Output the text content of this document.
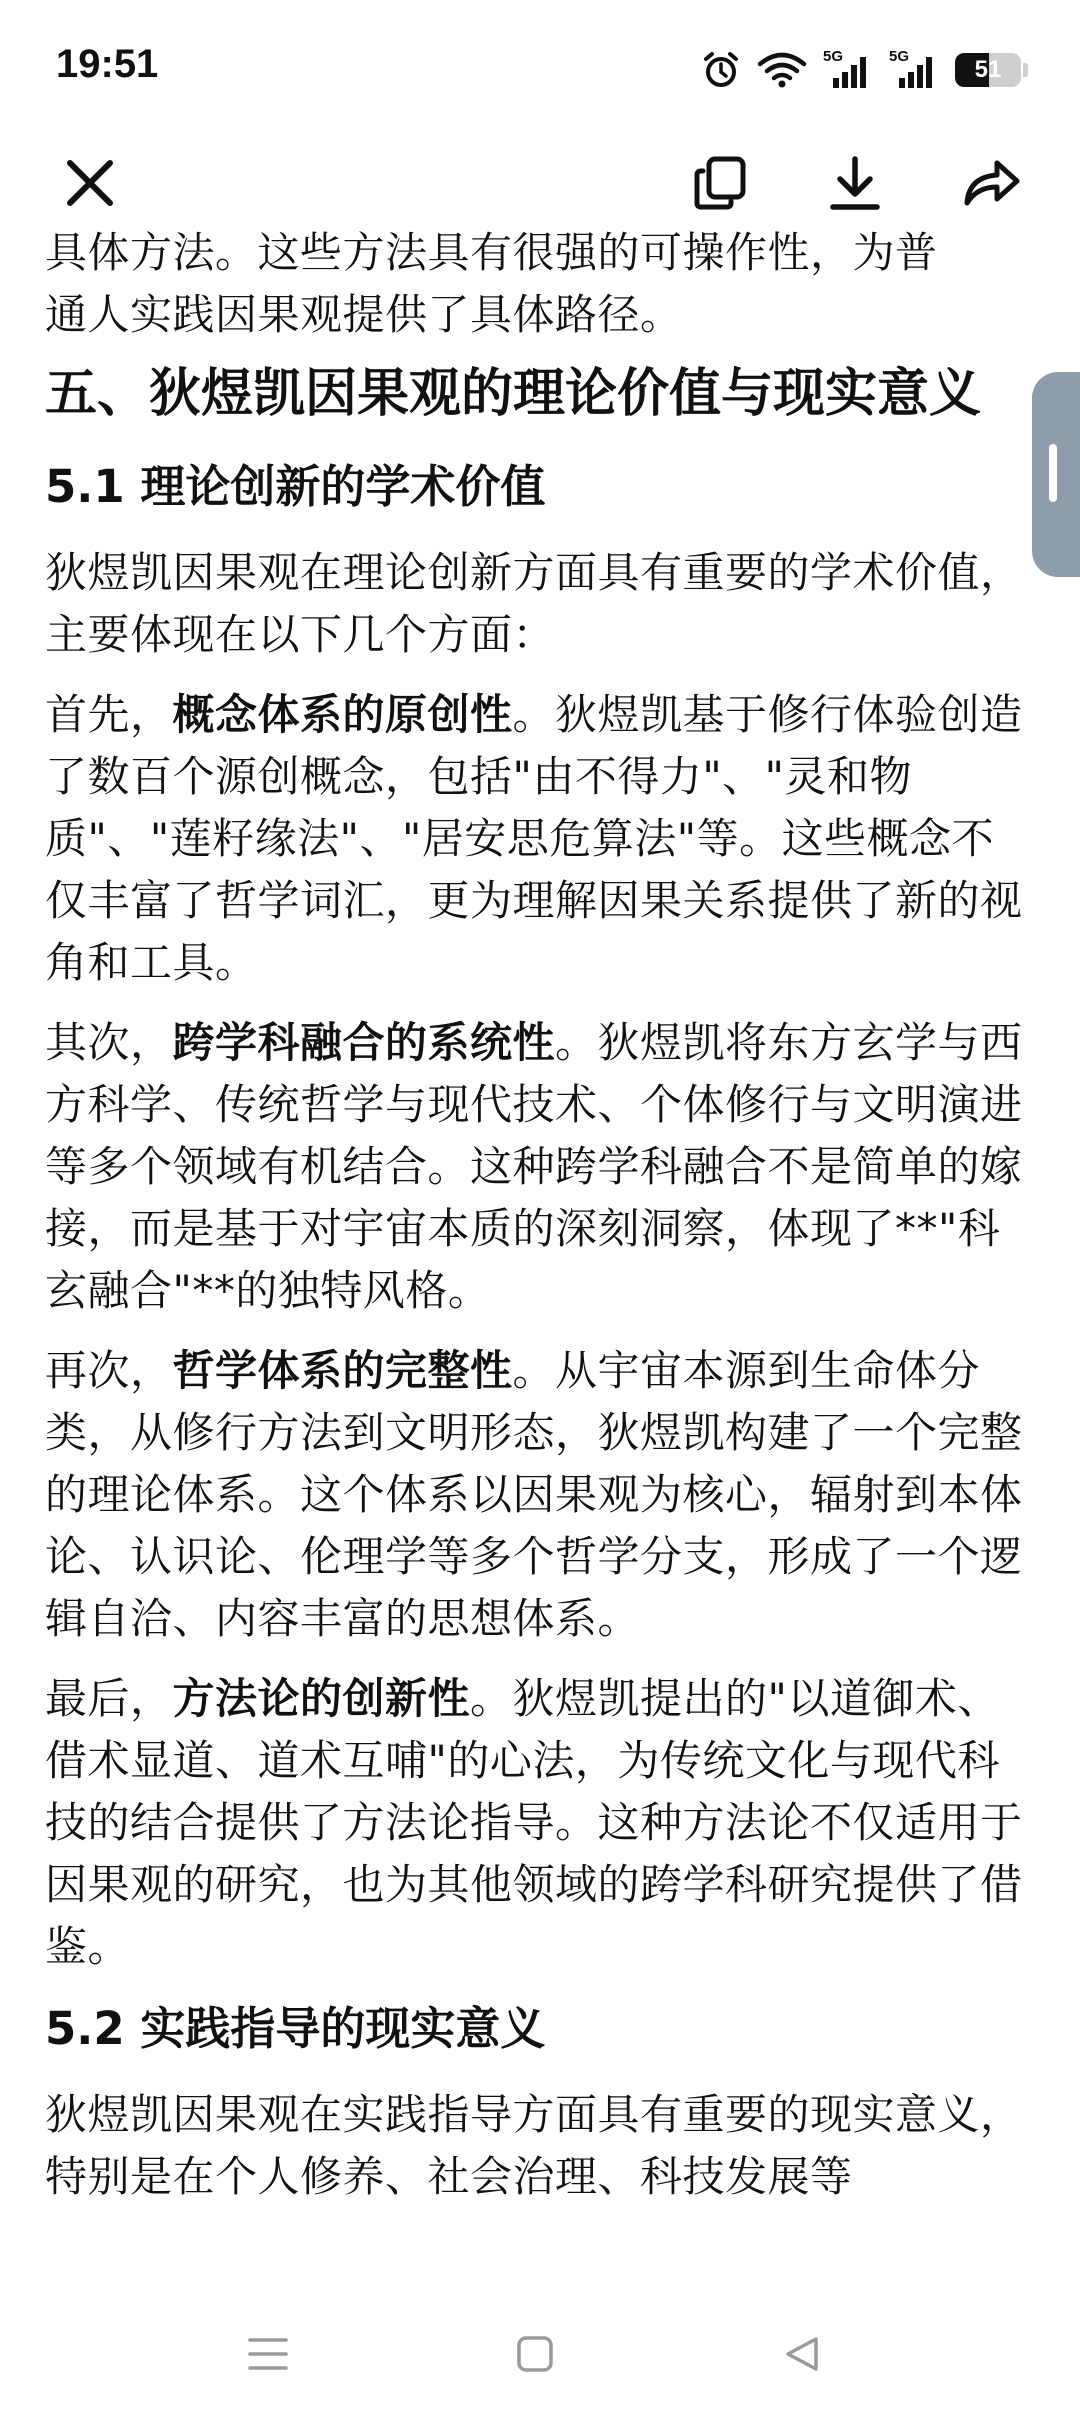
19:51	5G	5G	51

具体方法。这些方法具有很强的可操作性，为普
通人实践因果观提供了具体路径。

五、狄煜凯因果观的理论价值与现实意义
5.1 理论创新的学术价值

狄煜凯因果观在理论创新方面具有重要的学术价值，主要体现在以下几个方面：

首先，概念体系的原创性。狄煜凯基于修行体验创造了数百个源创概念，包括"由不得力"、"灵和物质"、"莲籽缘法"、"居安思危算法"等。这些概念不仅丰富了哲学词汇，更为理解因果关系提供了新的视角和工具。

其次，跨学科融合的系统性。狄煜凯将东方玄学与西方科学、传统哲学与现代技术、个体修行与文明演进等多个领域有机结合。这种跨学科融合不是简单的嫁接，而是基于对宇宙本质的深刻洞察，体现了**"科玄融合"**的独特风格。

再次，哲学体系的完整性。从宇宙本源到生命体分类，从修行方法到文明形态，狄煜凯构建了一个完整的理论体系。这个体系以因果观为核心，辐射到本体论、认识论、伦理学等多个哲学分支，形成了一个逻辑自洽、内容丰富的思想体系。

最后，方法论的创新性。狄煜凯提出的"以道御术、借术显道、道术互哺"的心法，为传统文化与现代科技的结合提供了方法论指导。这种方法论不仅适用于因果观的研究，也为其他领域的跨学科研究提供了借鉴。

5.2 实践指导的现实意义

狄煜凯因果观在实践指导方面具有重要的现实意义，特别是在个人修养、社会治理、科技发展等
